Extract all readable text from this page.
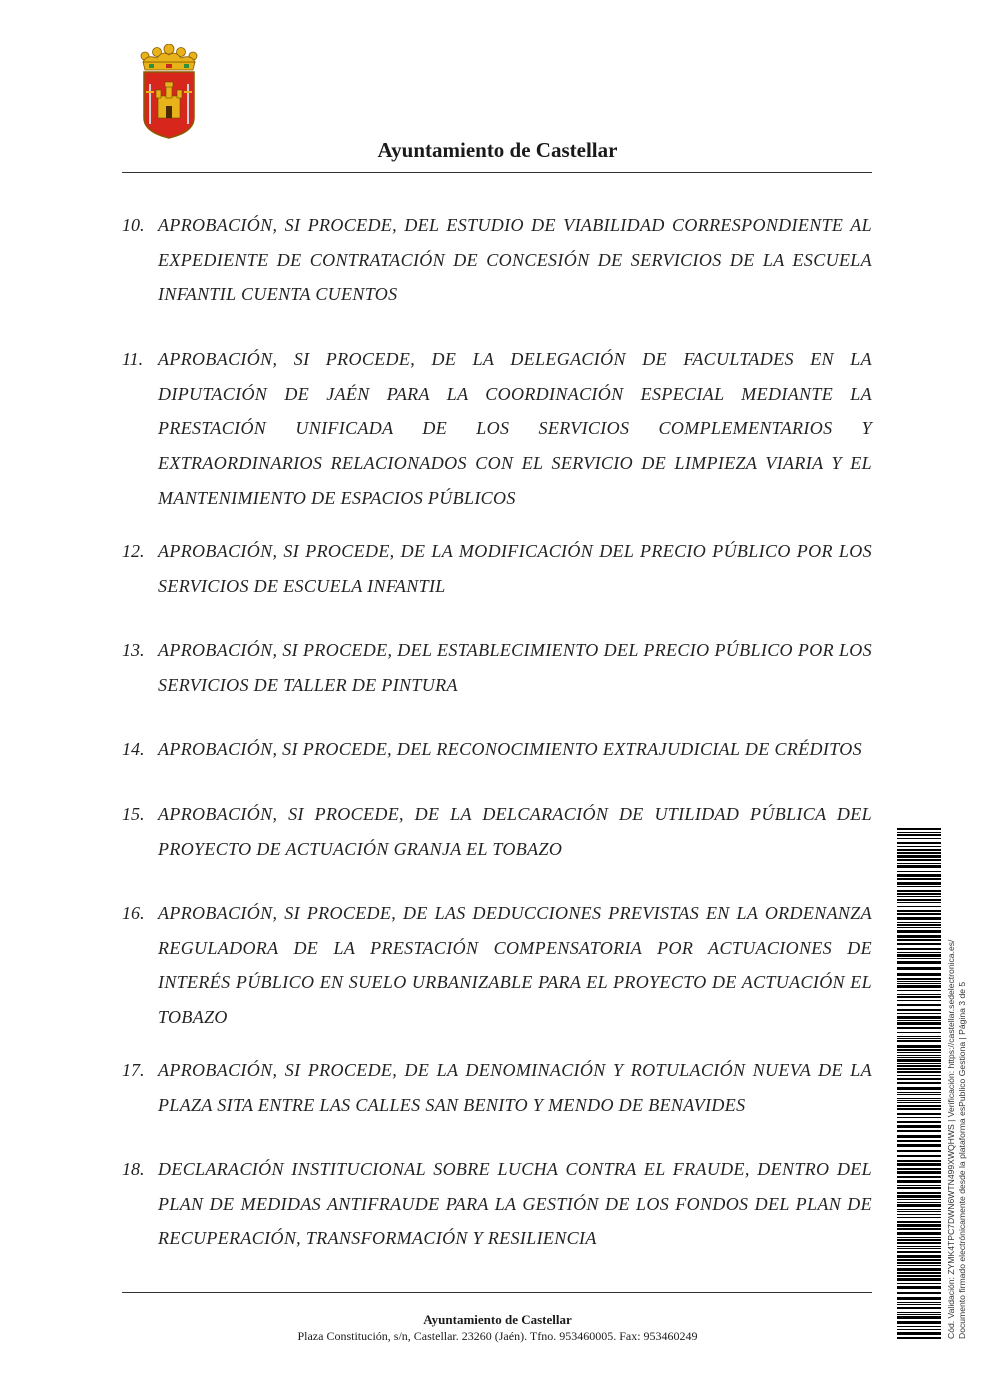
Ayuntamiento de Castellar
10. APROBACIÓN, SI PROCEDE, DEL ESTUDIO DE VIABILIDAD CORRESPONDIENTE AL EXPEDIENTE DE CONTRATACIÓN DE CONCESIÓN DE SERVICIOS DE LA ESCUELA INFANTIL CUENTA CUENTOS
11. APROBACIÓN, SI PROCEDE, DE LA DELEGACIÓN DE FACULTADES EN LA DIPUTACIÓN DE JAÉN PARA LA COORDINACIÓN ESPECIAL MEDIANTE LA PRESTACIÓN UNIFICADA DE LOS SERVICIOS COMPLEMENTARIOS Y EXTRAORDINARIOS RELACIONADOS CON EL SERVICIO DE LIMPIEZA VIARIA Y EL MANTENIMIENTO DE ESPACIOS PÚBLICOS
12. APROBACIÓN, SI PROCEDE, DE LA MODIFICACIÓN DEL PRECIO PÚBLICO POR LOS SERVICIOS DE ESCUELA INFANTIL
13. APROBACIÓN, SI PROCEDE, DEL ESTABLECIMIENTO DEL PRECIO PÚBLICO POR LOS SERVICIOS DE TALLER DE PINTURA
14. APROBACIÓN, SI PROCEDE, DEL RECONOCIMIENTO EXTRAJUDICIAL DE CRÉDITOS
15. APROBACIÓN, SI PROCEDE, DE LA DELCARACIÓN DE UTILIDAD PÚBLICA DEL PROYECTO DE ACTUACIÓN GRANJA EL TOBAZO
16. APROBACIÓN, SI PROCEDE, DE LAS DEDUCCIONES PREVISTAS EN LA ORDENANZA REGULADORA DE LA PRESTACIÓN COMPENSATORIA POR ACTUACIONES DE INTERÉS PÚBLICO EN SUELO URBANIZABLE PARA EL PROYECTO DE ACTUACIÓN EL TOBAZO
17. APROBACIÓN, SI PROCEDE, DE LA DENOMINACIÓN Y ROTULACIÓN NUEVA DE LA PLAZA SITA ENTRE LAS CALLES SAN BENITO Y MENDO DE BENAVIDES
18. DECLARACIÓN INSTITUCIONAL SOBRE LUCHA CONTRA EL FRAUDE, DENTRO DEL PLAN DE MEDIDAS ANTIFRAUDE PARA LA GESTIÓN DE LOS FONDOS DEL PLAN DE RECUPERACIÓN, TRANSFORMACIÓN Y RESILIENCIA
Ayuntamiento de Castellar
Plaza Constitución, s/n, Castellar. 23260 (Jaén). Tfno. 953460005. Fax: 953460249	Cód. Validación: ZYMK4TPC7DWN6WTN499XWQHWS | Verificación: https://castellar.sedelectronica.es/ Documento firmado electrónicamente desde la plataforma esPublico Gestiona | Página 3 de 5
